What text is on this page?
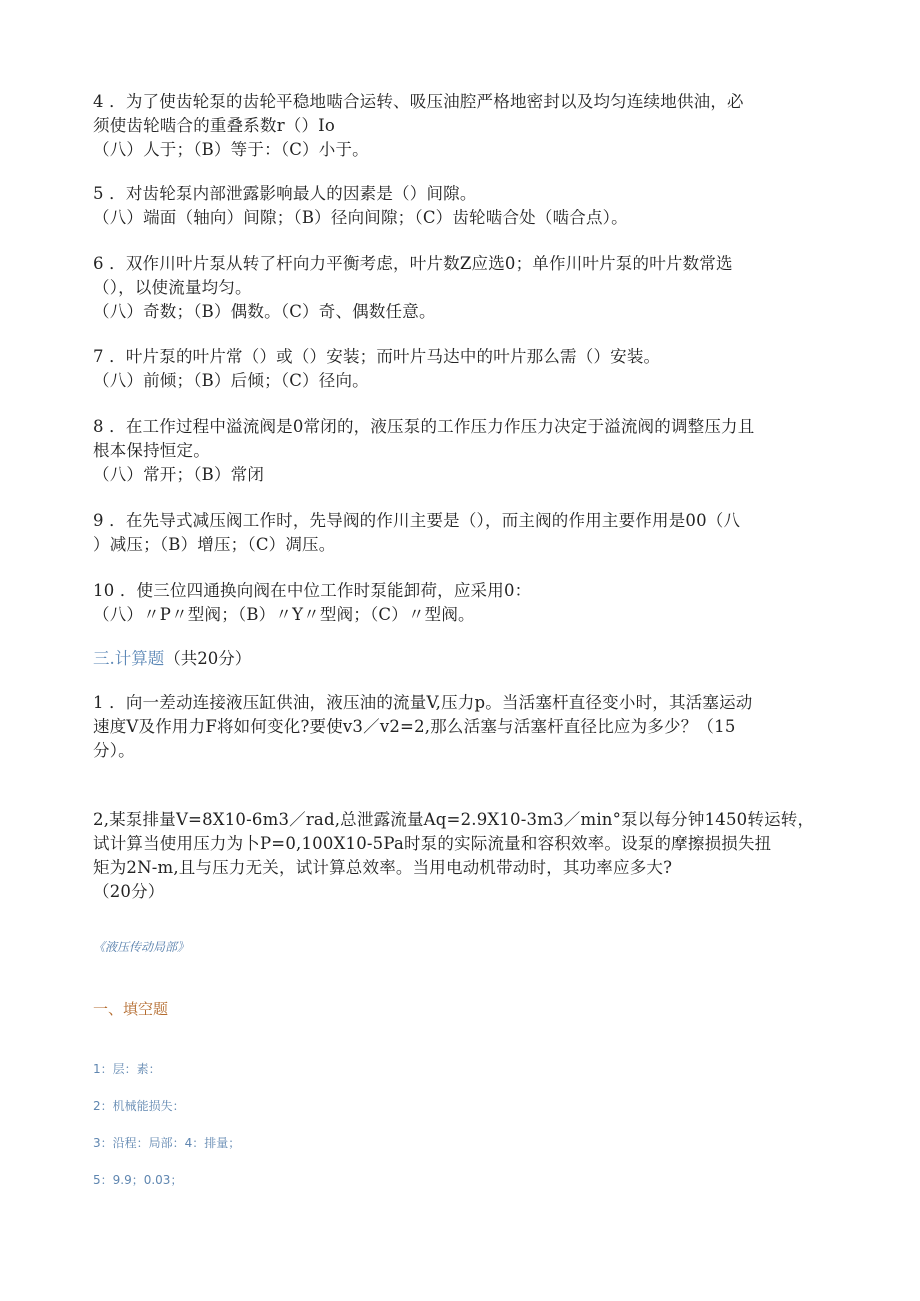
4 ．为了使齿轮泵的齿轮平稳地啮合运转、吸压油腔严格地密封以及均匀连续地供油，必

须使齿轮啮合的重叠系数r（）Io

（八）人于；（B）等于：（C）小于。

5 ．对齿轮泵内部泄露影响最人的因素是（）间隙。

（八）端面（轴向）间隙；（B）径向间隙；（C）齿轮啮合处（啮合点）。

6 ．双作川叶片泵从转了杆向力平衡考虑，叶片数Z应选0；单作川叶片泵的叶片数常选

（），以使流量均匀。

（八）奇数；（B）偶数。（C）奇、偶数任意。

7 ．叶片泵的叶片常（）或（）安装；而叶片马达中的叶片那么需（）安装。

（八）前倾；（B）后倾；（C）径向。

8 ．在工作过程中溢流阀是0常闭的，液压泵的工作压力作压力决定于溢流阀的调整压力且

根本保持恒定。

（八）常开；（B）常闭

9 ．在先导式减压阀工作时，先导阀的作川主要是（），而主阀的作用主要作用是00（八

）减压；（B）增压；（C）凋压。

10 ．使三位四通换向阀在中位工作时泵能卸荷，应采用0：

（八）〃P〃型阀；（B）〃Y〃型阀；（C）〃型阀。

三.计算题（共20分）

1 ．向一差动连接液压缸供油，液压油的流量V,压力p。当活塞杆直径变小时，其活塞运动

速度V及作用力F将如何变化?要使v3／v2=2,那么活塞与活塞杆直径比应为多少？（15

分）。

2,某泵排量V=8X10-6m3／rad,总泄露流量Aq=2.9X10-3m3／min°泵以每分钟1450转运转，

试计算当使用压力为卜P=0,100X10-5Pa时泵的实际流量和容积效率。设泵的摩擦损损失扭

矩为2N-m,且与压力无关，试计算总效率。当用电动机带动时，其功率应多大?

（20分）

《液压传动局部》
一、填空题
1：层：素：
2：机械能损失：
3：沿程：局部：4：排量；
5：9.9；0.03；
